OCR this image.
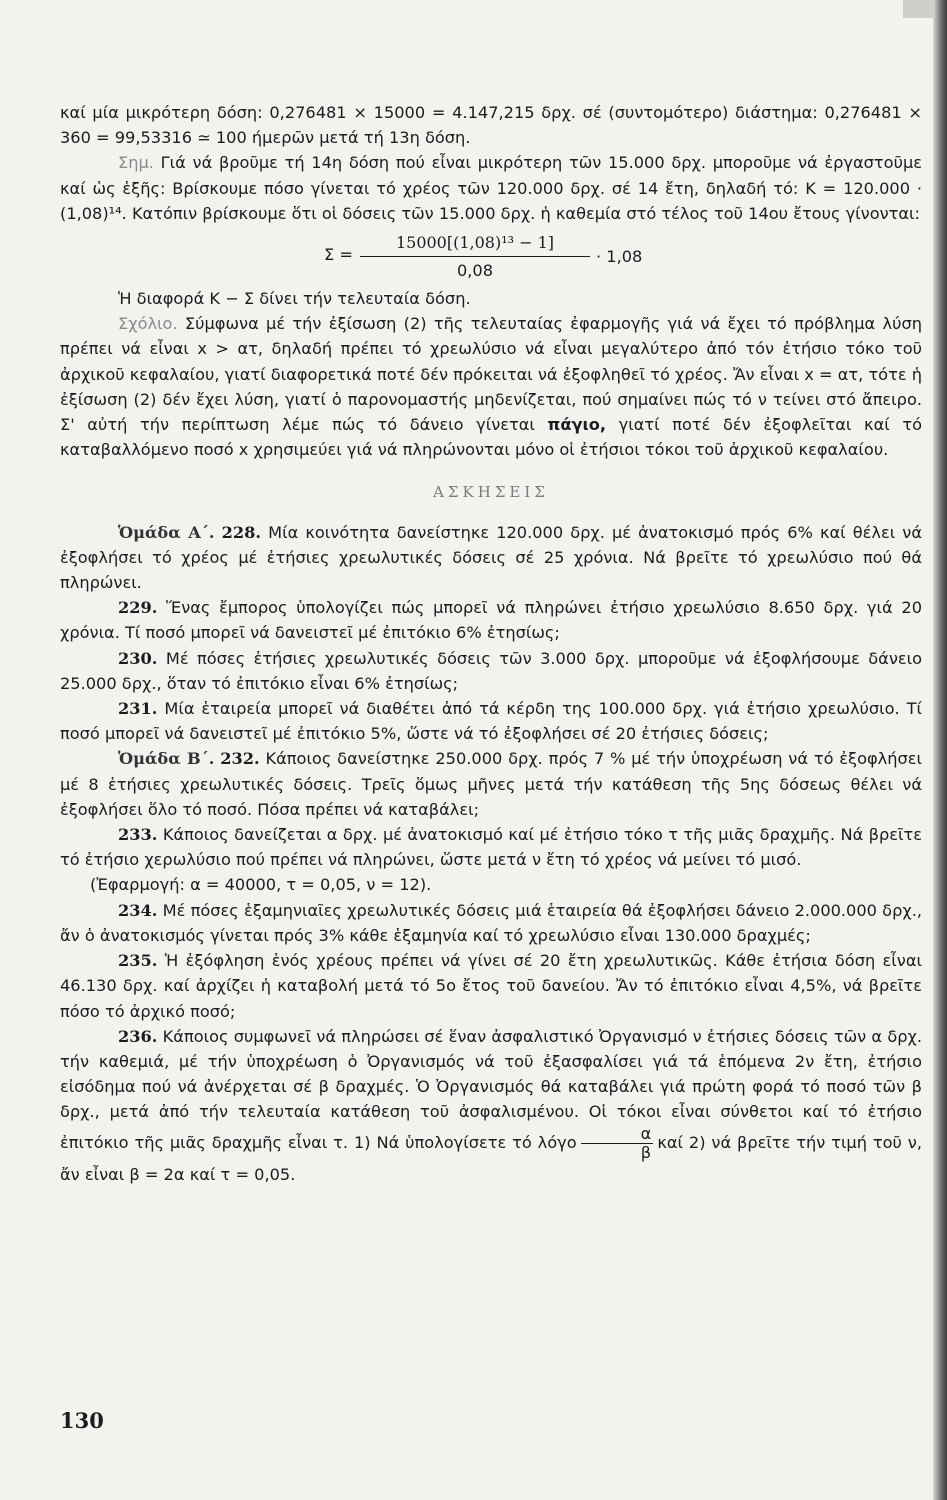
καί μία μικρότερη δόση: 0,276481 × 15000 = 4.147,215 δρχ. σέ (συντομότερο) διάστημα: 0,276481 × 360 = 99,53316 ≃ 100 ήμερῶν μετά τή 13η δόση.

Σημ. Γιά νά βροῦμε τή 14η δόση πού εἶναι μικρότερη τῶν 15.000 δρχ. μποροῦμε νά ἐργαστοῦμε καί ὡς ἑξῆς: Βρίσκουμε πόσο γίνεται τό χρέος τῶν 120.000 δρχ. σέ 14 ἔτη, δηλαδή τό: Κ = 120.000 · (1,08)¹⁴. Κατόπιν βρίσκουμε ὅτι οἱ δόσεις τῶν 15.000 δρχ. ἡ καθεμία στό τέλος τοῦ 14ου ἔτους γίνονται:

$\Sigma = \frac{\text{15000[(1,08)¹³ − 1]}}{0,08} \cdot 1,08$

Ἡ διαφορά Κ − Σ δίνει τήν τελευταία δόση.

Σχόλιο. Σύμφωνα μέ τήν ἐξίσωση (2) τῆς τελευταίας ἐφαρμογῆς γιά νά ἔχει τό πρόβλημα λύση πρέπει νά εἶναι x > ατ, δηλαδή πρέπει τό χρεωλύσιο νά εἶναι μεγαλύτερο ἀπό τόν ἐτήσιο τόκο τοῦ ἀρχικοῦ κεφαλαίου, γιατί διαφορετικά ποτέ δέν πρόκειται νά ἐξοφληθεῖ τό χρέος. Ἄν εἶναι x = ατ, τότε ἡ ἐξίσωση (2) δέν ἔχει λύση, γιατί ὁ παρονομαστής μηδενίζεται, πού σημαίνει πώς τό ν τείνει στό ἄπειρο. Σ' αὐτή τήν περίπτωση λέμε πώς τό δάνειο γίνεται πάγιο, γιατί ποτέ δέν ἐξοφλεῖται καί τό καταβαλλόμενο ποσό x χρησιμεύει γιά νά πληρώνονται μόνο οἱ ἐτήσιοι τόκοι τοῦ ἀρχικοῦ κεφαλαίου.

ΑΣΚΗΣΕΙΣ

Ὁμάδα Α΄. 228. Μία κοινότητα δανείστηκε 120.000 δρχ. μέ ἀνατοκισμό πρός 6% καί θέλει νά ἐξοφλήσει τό χρέος μέ ἐτήσιες χρεωλυτικές δόσεις σέ 25 χρόνια. Νά βρεῖτε τό χρεωλύσιο πού θά πληρώνει.

229. Ἕνας ἔμπορος ὑπολογίζει πώς μπορεῖ νά πληρώνει ἐτήσιο χρεωλύσιο 8.650 δρχ. γιά 20 χρόνια. Τί ποσό μπορεῖ νά δανειστεῖ μέ ἐπιτόκιο 6% ἐτησίως;

230. Μέ πόσες ἐτήσιες χρεωλυτικές δόσεις τῶν 3.000 δρχ. μποροῦμε νά ἐξοφλήσουμε δάνειο 25.000 δρχ., ὅταν τό ἐπιτόκιο εἶναι 6% ἐτησίως;

231. Μία ἑταιρεία μπορεῖ νά διαθέτει ἀπό τά κέρδη της 100.000 δρχ. γιά ἐτήσιο χρεωλύσιο. Τί ποσό μπορεῖ νά δανειστεῖ μέ ἐπιτόκιο 5%, ὥστε νά τό ἐξοφλήσει σέ 20 ἐτήσιες δόσεις;

Ὁμάδα Β΄. 232. Κάποιος δανείστηκε 250.000 δρχ. πρός 7 % μέ τήν ὑποχρέωση νά τό ἐξοφλήσει μέ 8 ἐτήσιες χρεωλυτικές δόσεις. Τρεῖς ὅμως μῆνες μετά τήν κατάθεση τῆς 5ης δόσεως θέλει νά ἐξοφλήσει ὅλο τό ποσό. Πόσα πρέπει νά καταβάλει;

233. Κάποιος δανείζεται α δρχ. μέ ἀνατοκισμό καί μέ ἐτήσιο τόκο τ τῆς μιᾶς δραχμῆς. Νά βρεῖτε τό ἐτήσιο χερωλύσιο πού πρέπει νά πληρώνει, ὥστε μετά ν ἔτη τό χρέος νά μείνει τό μισό.

(Ἐφαρμογή: α = 40000, τ = 0,05, ν = 12).

234. Μέ πόσες ἑξαμηνιαῖες χρεωλυτικές δόσεις μιά ἑταιρεία θά ἐξοφλήσει δάνειο 2.000.000 δρχ., ἄν ὁ ἀνατοκισμός γίνεται πρός 3% κάθε ἑξαμηνία καί τό χρεωλύσιο εἶναι 130.000 δραχμές;

235. Ἡ ἐξόφληση ἑνός χρέους πρέπει νά γίνει σέ 20 ἔτη χρεωλυτικῶς. Κάθε ἐτήσια δόση εἶναι 46.130 δρχ. καί ἀρχίζει ἡ καταβολή μετά τό 5ο ἔτος τοῦ δανείου. Ἄν τό ἐπιτόκιο εἶναι 4,5%, νά βρεῖτε πόσο τό ἀρχικό ποσό;

236. Κάποιος συμφωνεῖ νά πληρώσει σέ ἕναν ἀσφαλιστικό Ὀργανισμό ν ἐτήσιες δόσεις τῶν α δρχ. τήν καθεμιά, μέ τήν ὑποχρέωση ὁ Ὀργανισμός νά τοῦ ἐξασφαλίσει γιά τά ἑπόμενα 2ν ἔτη, ἐτήσιο εἰσόδημα πού νά ἀνέρχεται σέ β δραχμές. Ὁ Ὀργανισμός θά καταβάλει γιά πρώτη φορά τό ποσό τῶν β δρχ., μετά ἀπό τήν τελευταία κατάθεση τοῦ ἀσφαλισμένου. Οἱ τόκοι εἶναι σύνθετοι καί τό ἐτήσιο ἐπιτόκιο τῆς μιᾶς δραχμῆς εἶναι τ. 1) Νά ὑπολογίσετε τό λόγο $\frac{\alpha}{\beta}$ καί 2) νά βρεῖτε τήν τιμή τοῦ ν, ἄν εἶναι β = 2α καί τ = 0,05.

130
